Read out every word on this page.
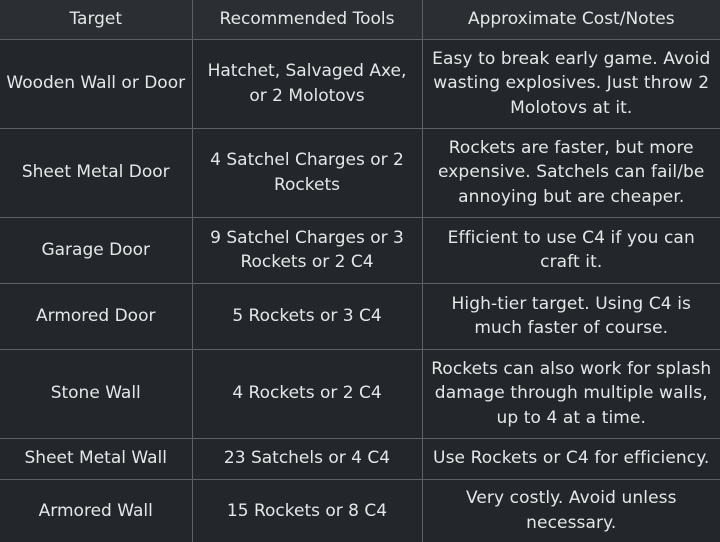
Target	Recommended Tools	Approximate Cost/Notes
Wooden Wall or Door	Hatchet, Salvaged Axe, or 2 Molotovs	Easy to break early game. Avoid wasting explosives. Just throw 2 Molotovs at it.
Sheet Metal Door	4 Satchel Charges or 2 Rockets	Rockets are faster, but more expensive. Satchels can fail/be annoying but are cheaper.
Garage Door	9 Satchel Charges or 3 Rockets or 2 C4	Efficient to use C4 if you can craft it.
Armored Door	5 Rockets or 3 C4	High-tier target. Using C4 is much faster of course.
Stone Wall	4 Rockets or 2 C4	Rockets can also work for splash damage through multiple walls, up to 4 at a time.
Sheet Metal Wall	23 Satchels or 4 C4	Use Rockets or C4 for efficiency.
Armored Wall	15 Rockets or 8 C4	Very costly. Avoid unless necessary.
